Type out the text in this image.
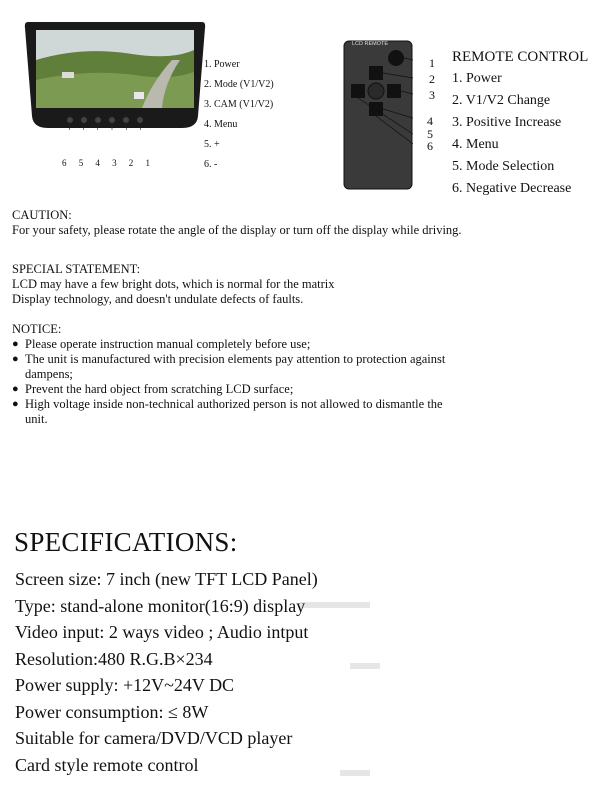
1. Power
2. Mode (V1/V2)
3. CAM (V1/V2)
4. Menu
5. +
6. -
6 5 4 3 2 1
LCD REMOTE
1
2
3
4
5
6
REMOTE CONTROL
1. Power
2. V1/V2 Change
3. Positive Increase
4. Menu
5. Mode Selection
6. Negative Decrease
CAUTION:
For your safety, please rotate the angle of the display or turn off the display while driving.
SPECIAL STATEMENT:
LCD may have a few bright dots, which is normal for the matrix
Display technology, and doesn't undulate defects of faults.
NOTICE:
● Please operate instruction manual completely before use;
● The unit is manufactured with precision elements pay attention to protection against dampens;
● Prevent the hard object from scratching LCD surface;
● High voltage inside non-technical authorized person is not allowed to dismantle the unit.
SPECIFICATIONS:
Screen size: 7 inch (new TFT LCD Panel)
Type: stand-alone monitor(16:9) display
Video input: 2 ways video ; Audio intput
Resolution:480 R.G.B×234
Power supply: +12V~24V DC
Power consumption: ≤ 8W
Suitable for camera/DVD/VCD player
Card style remote control
